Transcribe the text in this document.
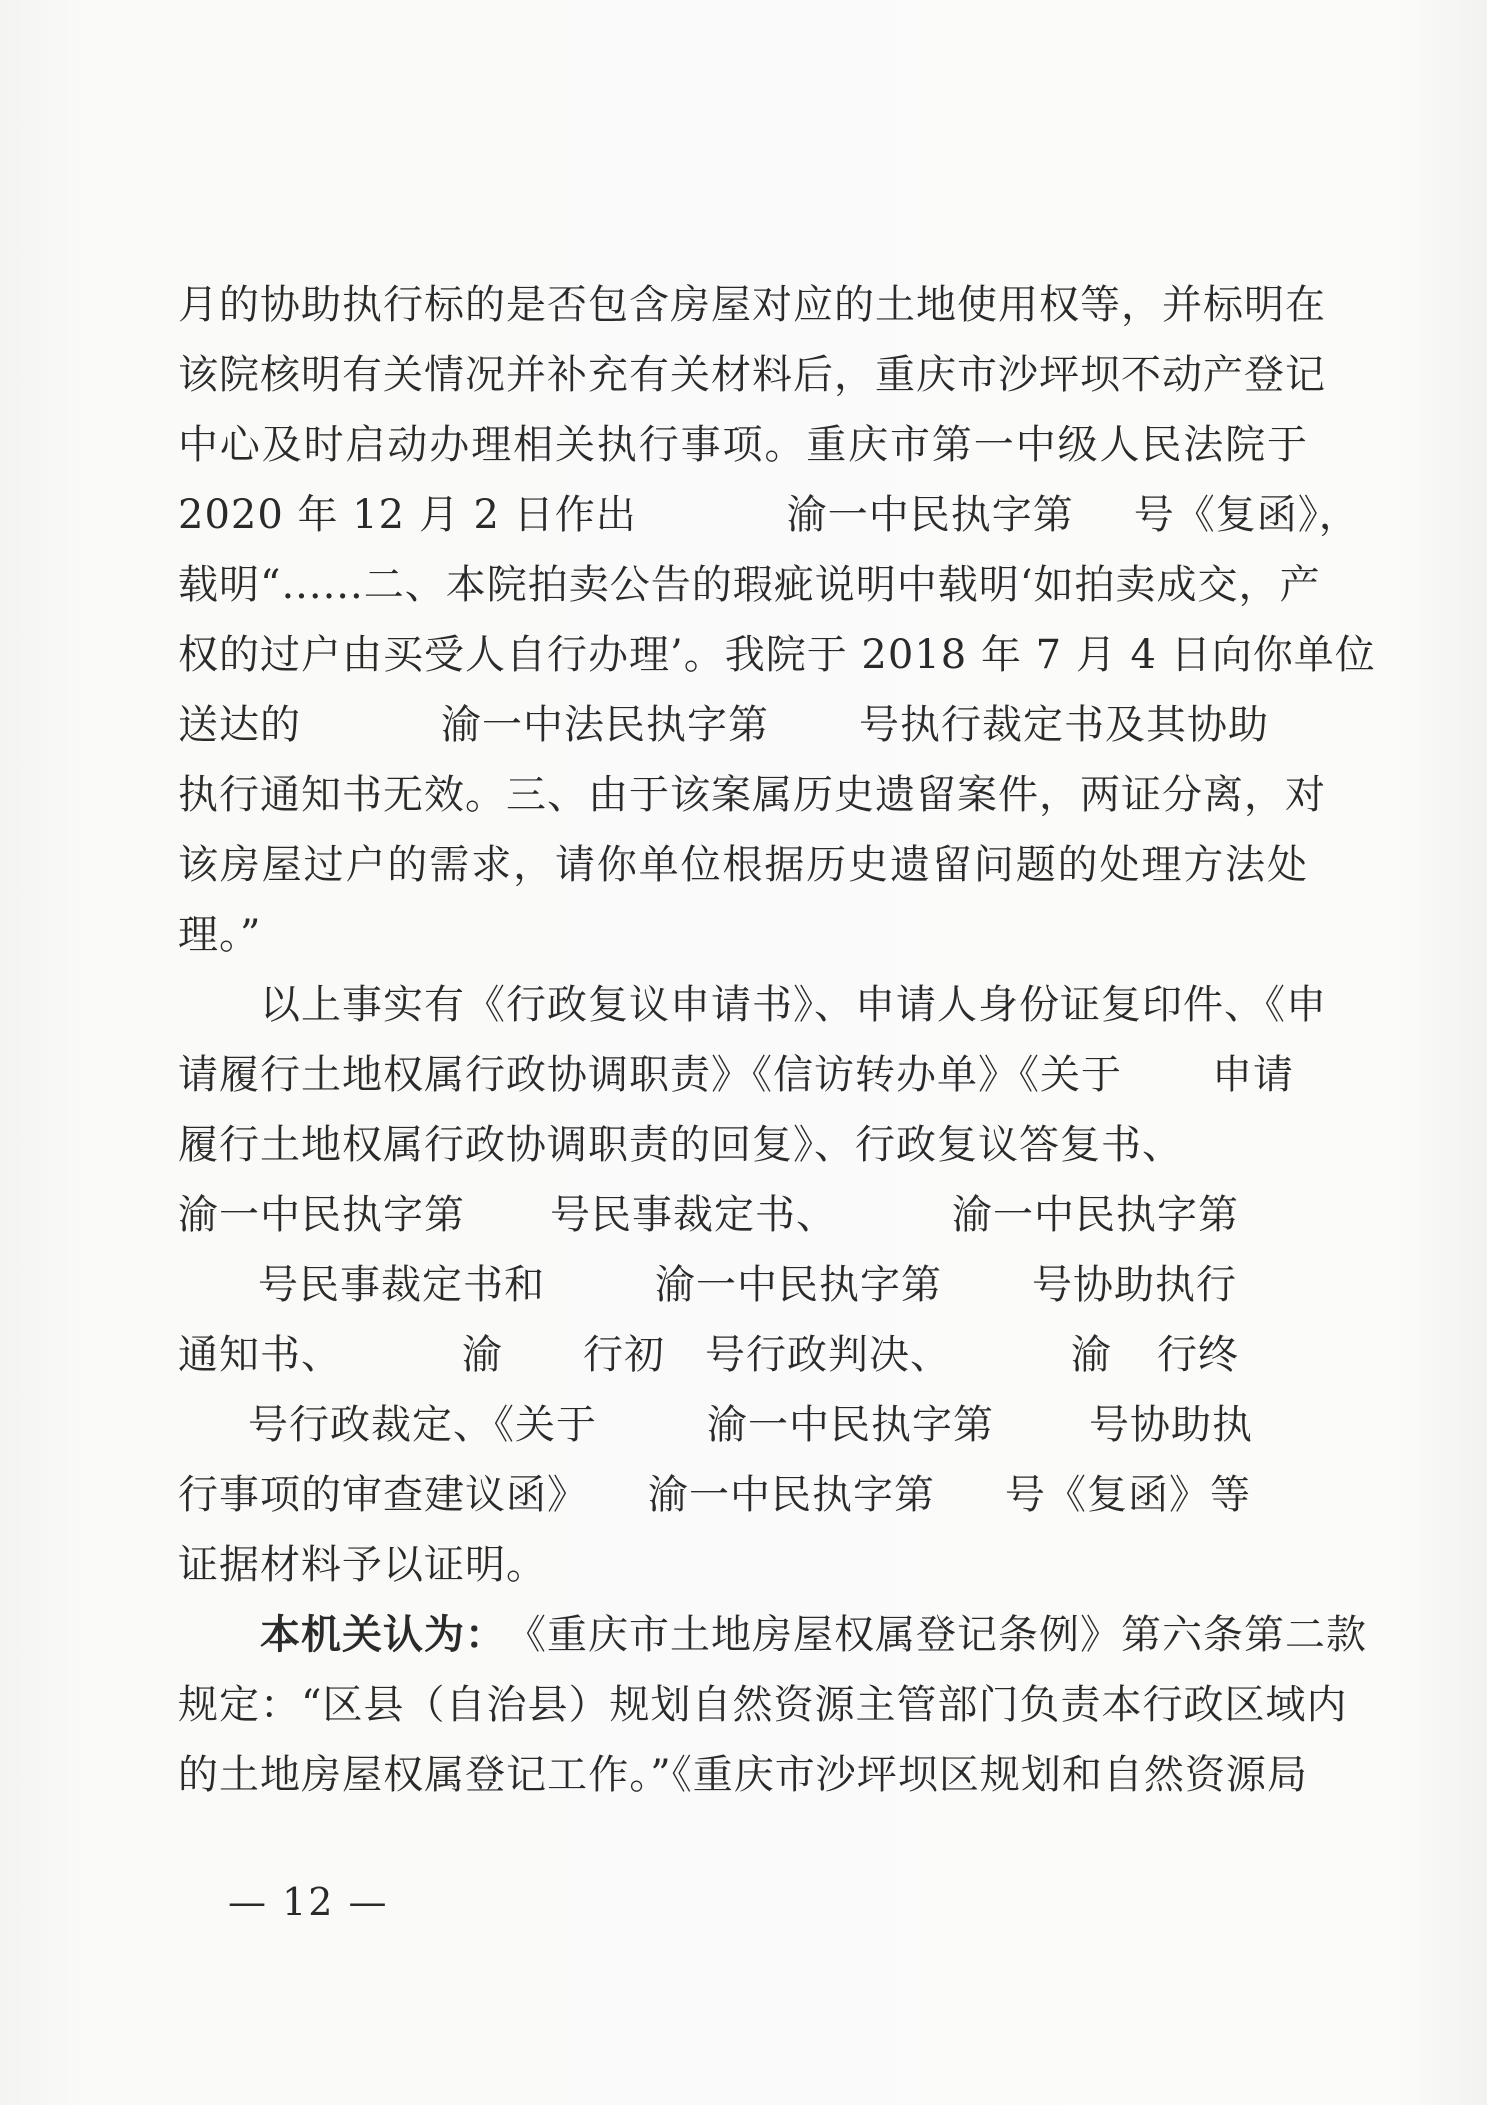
月的协助执行标的是否包含房屋对应的土地使用权等，并标明在
该院核明有关情况并补充有关材料后，重庆市沙坪坝不动产登记
中心及时启动办理相关执行事项。重庆市第一中级人民法院于
2020 年 12 月 2 日作出	渝一中民执字第 号《复函》，
载明“......二、本院拍卖公告的瑕疵说明中载明‘如拍卖成交，产
权的过户由买受人自行办理’。我院于 2018 年 7 月 4 日向你单位
送达的	渝一中法民执字第 号执行裁定书及其协助
执行通知书无效。三、由于该案属历史遗留案件，两证分离，对
该房屋过户的需求，请你单位根据历史遗留问题的处理方法处
理。”
以上事实有《行政复议申请书》、申请人身份证复印件、《申
请履行土地权属行政协调职责》《信访转办单》《关于 申请
履行土地权属行政协调职责的回复》、行政复议答复书、
渝一中民执字第 号民事裁定书、	渝一中民执字第
号民事裁定书和	渝一中民执字第 号协助执行
通知书、	渝 行初 号行政判决、	渝 行终
号行政裁定、《关于	渝一中民执字第 号协助执
行事项的审查建议函》 渝一中民执字第 号《复函》等
证据材料予以证明。
本机关认为：《重庆市土地房屋权属登记条例》第六条第二款
规定：“区县（自治县）规划自然资源主管部门负责本行政区域内
的土地房屋权属登记工作。”《重庆市沙坪坝区规划和自然资源局
— 12 —
